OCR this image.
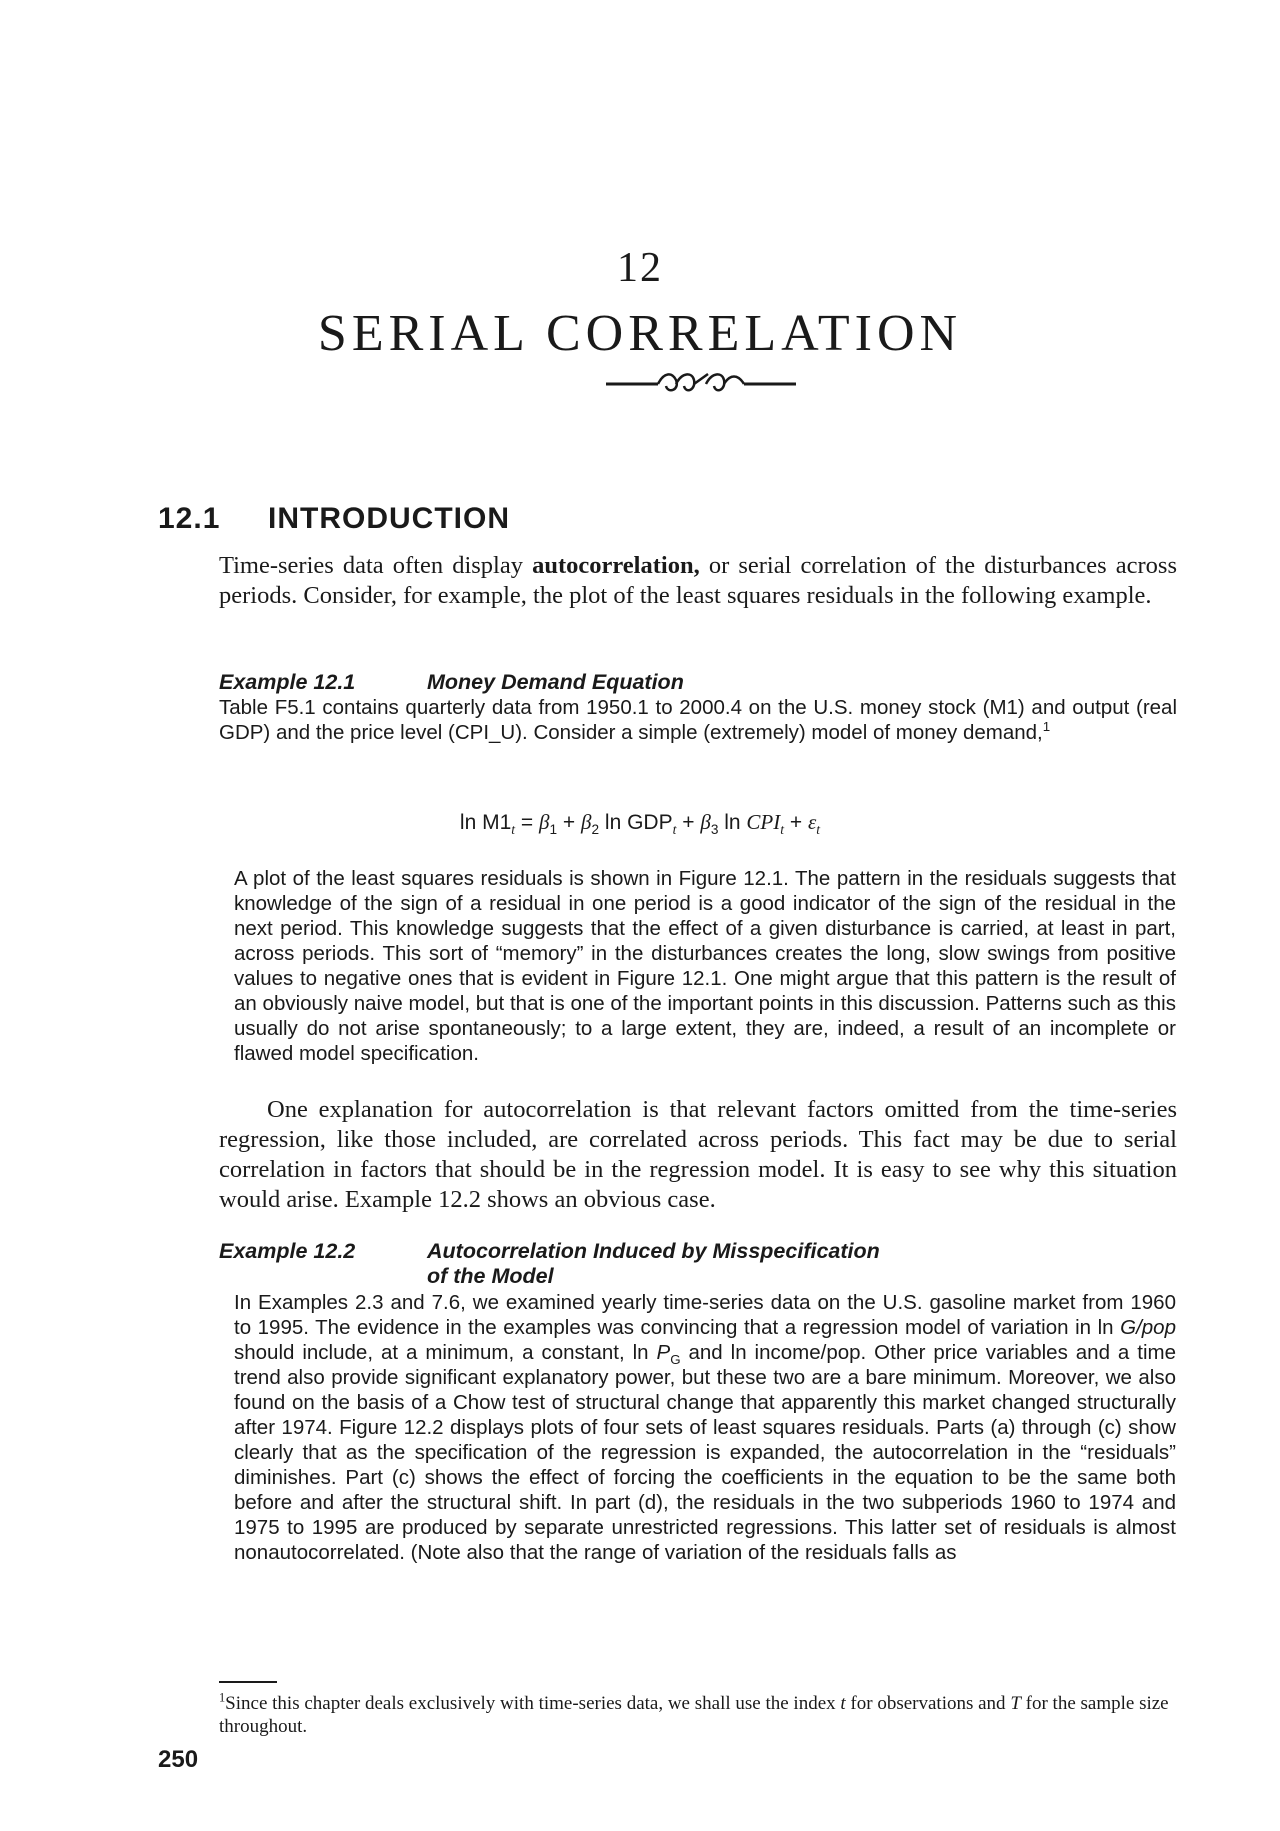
12
SERIAL CORRELATION
12.1 INTRODUCTION

Time-series data often display autocorrelation, or serial correlation of the disturbances across periods. Consider, for example, the plot of the least squares residuals in the following example.

Example 12.1	Money Demand Equation

Table F5.1 contains quarterly data from 1950.1 to 2000.4 on the U.S. money stock (M1) and output (real GDP) and the price level (CPI_U). Consider a simple (extremely) model of money demand,$^1$

$\ln M1_t = \beta_1 + \beta_2$ $\ln GDP_t + \beta_3$ $\ln CPI_t + \varepsilon_t$

A plot of the least squares residuals is shown in Figure 12.1. The pattern in the residuals suggests that knowledge of the sign of a residual in one period is a good indicator of the sign of the residual in the next period. This knowledge suggests that the effect of a given disturbance is carried, at least in part, across periods. This sort of “memory” in the disturbances creates the long, slow swings from positive values to negative ones that is evident in Figure 12.1. One might argue that this pattern is the result of an obviously naive model, but that is one of the important points in this discussion. Patterns such as this usually do not arise spontaneously; to a large extent, they are, indeed, a result of an incomplete or flawed model specification.

One explanation for autocorrelation is that relevant factors omitted from the time-series regression, like those included, are correlated across periods. This fact may be due to serial correlation in factors that should be in the regression model. It is easy to see why this situation would arise. Example 12.2 shows an obvious case.

Example 12.2	Autocorrelation Induced by Misspecification
of the Model

In Examples 2.3 and 7.6, we examined yearly time-series data on the U.S. gasoline market from 1960 to 1995. The evidence in the examples was convincing that a regression model of variation in ln G/pop should include, at a minimum, a constant, $\ln P_G$ and ln income/pop. Other price variables and a time trend also provide significant explanatory power, but these two are a bare minimum. Moreover, we also found on the basis of a Chow test of structural change that apparently this market changed structurally after 1974. Figure 12.2 displays plots of four sets of least squares residuals. Parts (a) through (c) show clearly that as the specification of the regression is expanded, the autocorrelation in the “residuals” diminishes. Part (c) shows the effect of forcing the coefficients in the equation to be the same both before and after the structural shift. In part (d), the residuals in the two subperiods 1960 to 1974 and 1975 to 1995 are produced by separate unrestricted regressions. This latter set of residuals is almost nonautocorrelated. (Note also that the range of variation of the residuals falls as

$^1$Since this chapter deals exclusively with time-series data, we shall use the index t for observations and T for the sample size throughout.

250
